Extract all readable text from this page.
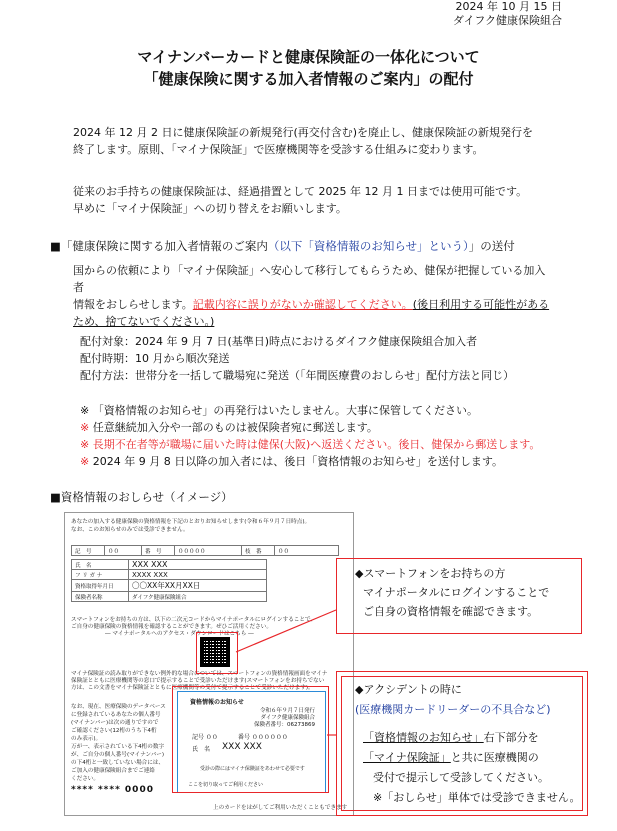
2024 年 10 月 15 日
ダイフク健康保険組合
マイナンバーカードと健康保険証の一体化について
「健康保険に関する加入者情報のご案内」の配付
2024 年 12 月 2 日に健康保険証の新規発行(再交付含む)を廃止し、健康保険証の新規発行を
終了します。原則、「マイナ保険証」で医療機関等を受診する仕組みに変わります。
従来のお手持ちの健康保険証は、経過措置として 2025 年 12 月 1 日までは使用可能です。
早めに「マイナ保険証」への切り替えをお願いします。
■「健康保険に関する加入者情報のご案内（以下「資格情報のお知らせ」という）」の送付
国からの依頼により「マイナ保険証」へ安心して移行してもらうため、健保が把握している加入者
情報をおしらせします。記載内容に誤りがないか確認してください。(後日利用する可能性がある
ため、捨てないでください。)
配付対象：2024 年 9 月 7 日(基準日)時点におけるダイフク健康保険組合加入者
配付時期：10 月から順次発送
配付方法：世帯分を一括して職場宛に発送（「年間医療費のおしらせ」配付方法と同じ）
※ 「資格情報のお知らせ」の再発行はいたしません。大事に保管してください。
※ 任意継続加入分や一部のものは被保険者宛に郵送します。
※ 長期不在者等が職場に届いた時は健保(大阪)へ返送ください。後日、健保から郵送します。
※ 2024 年 9 月 8 日以降の加入者には、後日「資格情報のお知らせ」を送付します。
■資格情報のおしらせ（イメージ）
あなたの加入する健康保険の資格情報を下記のとおりお知らせします(令和６年９月７日時点)。
なお、このお知らせのみでは受診できません。
記　号	００	番　号	０００００	枝　番	００
氏　名	XXX XXX
フ リ ガ ナ	XXXX XXX
資格取得年月日	〇〇XX年XX月XX日
保険者名称	ダイフク健康保険組合
スマートフォンをお持ちの方は、以下の二次元コードからマイナポータルにログインすることで、
ご自身の健康保険の資格情報を確認することができます。ぜひご活用ください。
― マイナポータルへのアクセス・ダウンロードはこちら ―
マイナ保険証の読み取りができない例外的な場合については、スマートフォンの資格情報画面をマイナ
保険証とともに医療機関等の窓口で提示することで受診いただけます(スマートフォンをお持ちでない
方は、この文書をマイナ保険証とともに医療機関等の受付で提示することで受診いただけます)。
なお、現在、医療保険のデータベース
に登録されているあなたの個人番号
(マイナンバー)は次の通りですので
ご確認ください(12桁のうち下4桁
のみ表示)。
万が一、表示されている下4桁の数字
が、ご自分の個人番号(マイナンバー)
の下4桁と一致していない場合には、
ご加入の健康保険組合までご連絡
ください。
**** **** 0000
上のカードをはがしてご利用いただくこともできます
資格情報のお知らせ
令和６年９月７日発行
ダイフク健康保険組合
保険者番号：06273869
記号 ００	番号 ００００００
氏　名 XXX XXX
受診の際にはマイナ保険証をあわせて必要です
ここを切り取ってご利用ください
◆スマートフォンをお持ちの方
マイナポータルにログインすることで
ご自身の資格情報を確認できます。
◆アクシデントの時に
(医療機関カードリーダーの不具合など)
「資格情報のお知らせ」右下部分を
「マイナ保険証」と共に医療機関の
受付で提示して受診してください。
※「おしらせ」単体では受診できません。
